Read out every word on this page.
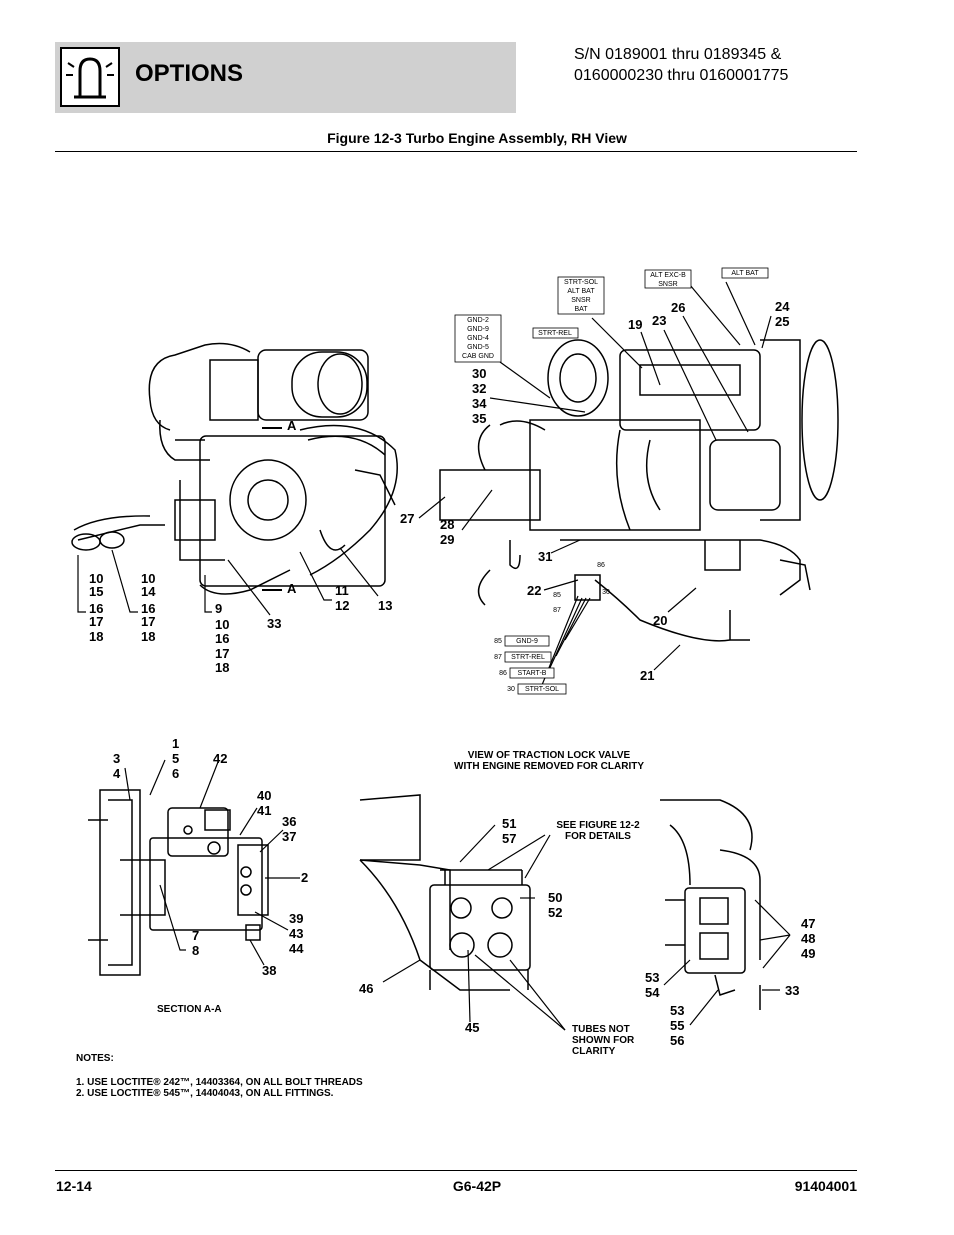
OPTIONS
S/N 0189001 thru 0189345 &
0160000230 thru 0160001775
Figure 12-3 Turbo Engine Assembly, RH View
GND-2
GND-9
GND-4
GND-5
CAB GND
STRT-REL
STRT-SOL
ALT BAT
SNSR
BAT
ALT EXC-B
SNSR
ALT BAT
86
85	30
87
85 GND-9
87 STRT-REL
86 START-B
30 STRT-SOL
A
A
10
15
16
17
18
10
14
16
17
18
9
10
16
17
18
33
11
12 13
27 28
29
30
32
34
35
31
19 23
26	24
25
22
20
21
3
4
1
5
6
42
40
41
36
37
2
39
43
44
7
8
38
51
57
50
52
46
45
47
48
49
53
54	33
53
55
56
SECTION A-A
VIEW OF TRACTION LOCK VALVE
WITH ENGINE REMOVED FOR CLARITY
SEE FIGURE 12-2
FOR DETAILS
TUBES NOT
SHOWN FOR
CLARITY
NOTES:
1. USE LOCTITE® 242™, 14403364, ON ALL BOLT THREADS
2. USE LOCTITE® 545™, 14404043, ON ALL FITTINGS.
12-14	G6-42P	91404001
